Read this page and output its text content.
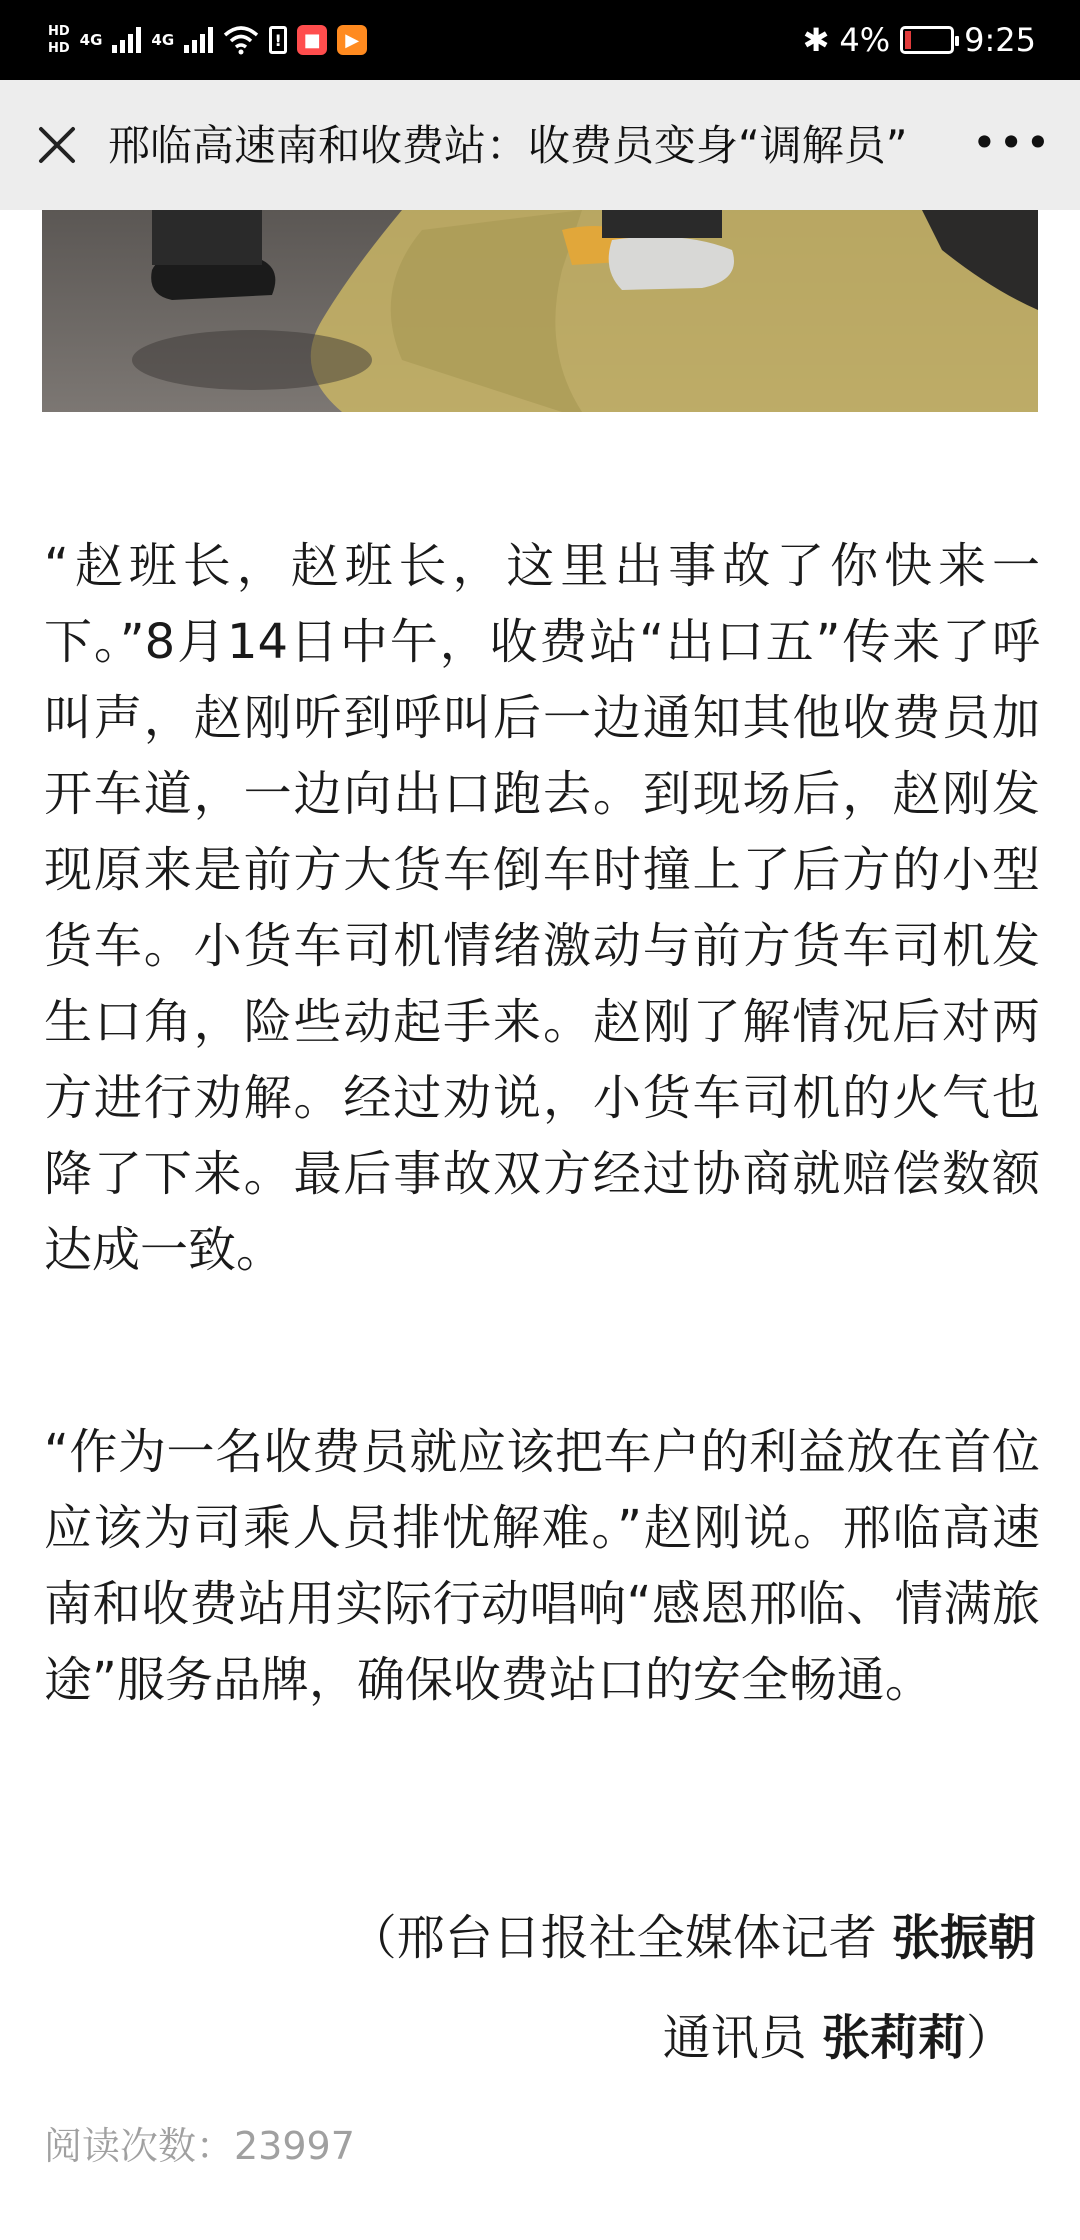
HD
HD 4G	4G	!	■	▶	✱ 4% 9:25
邢临高速南和收费站：收费员变身“调解员”	•••
“赵班长，赵班长，这里出事故了你快来一下。”8月14日中午，收费站“出口五”传来了呼叫声，赵刚听到呼叫后一边通知其他收费员加开车道，一边向出口跑去。到现场后，赵刚发现原来是前方大货车倒车时撞上了后方的小型货车。小货车司机情绪激动与前方货车司机发生口角，险些动起手来。赵刚了解情况后对两方进行劝解。经过劝说，小货车司机的火气也降了下来。最后事故双方经过协商就赔偿数额达成一致。
“作为一名收费员就应该把车户的利益放在首位应该为司乘人员排忧解难。”赵刚说。邢临高速南和收费站用实际行动唱响“感恩邢临、情满旅途”服务品牌，确保收费站口的安全畅通。
（邢台日报社全媒体记者 张振朝
通讯员 张莉莉）
阅读次数：23997
